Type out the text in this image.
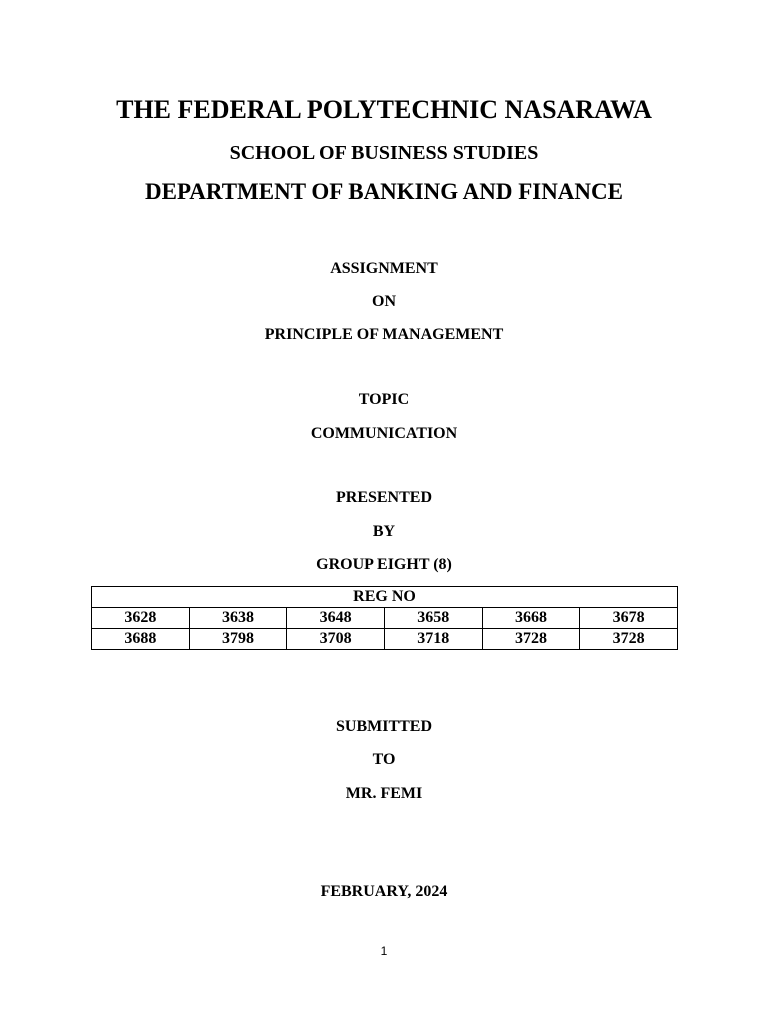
THE FEDERAL POLYTECHNIC NASARAWA
SCHOOL OF BUSINESS STUDIES
DEPARTMENT OF BANKING AND FINANCE
ASSIGNMENT
ON
PRINCIPLE OF MANAGEMENT
TOPIC
COMMUNICATION
PRESENTED
BY
GROUP EIGHT (8)
REG NO					
3628	3638	3648	3658	3668	3678
3688	3798	3708	3718	3728	3728
SUBMITTED
TO
MR. FEMI
FEBRUARY, 2024
1
